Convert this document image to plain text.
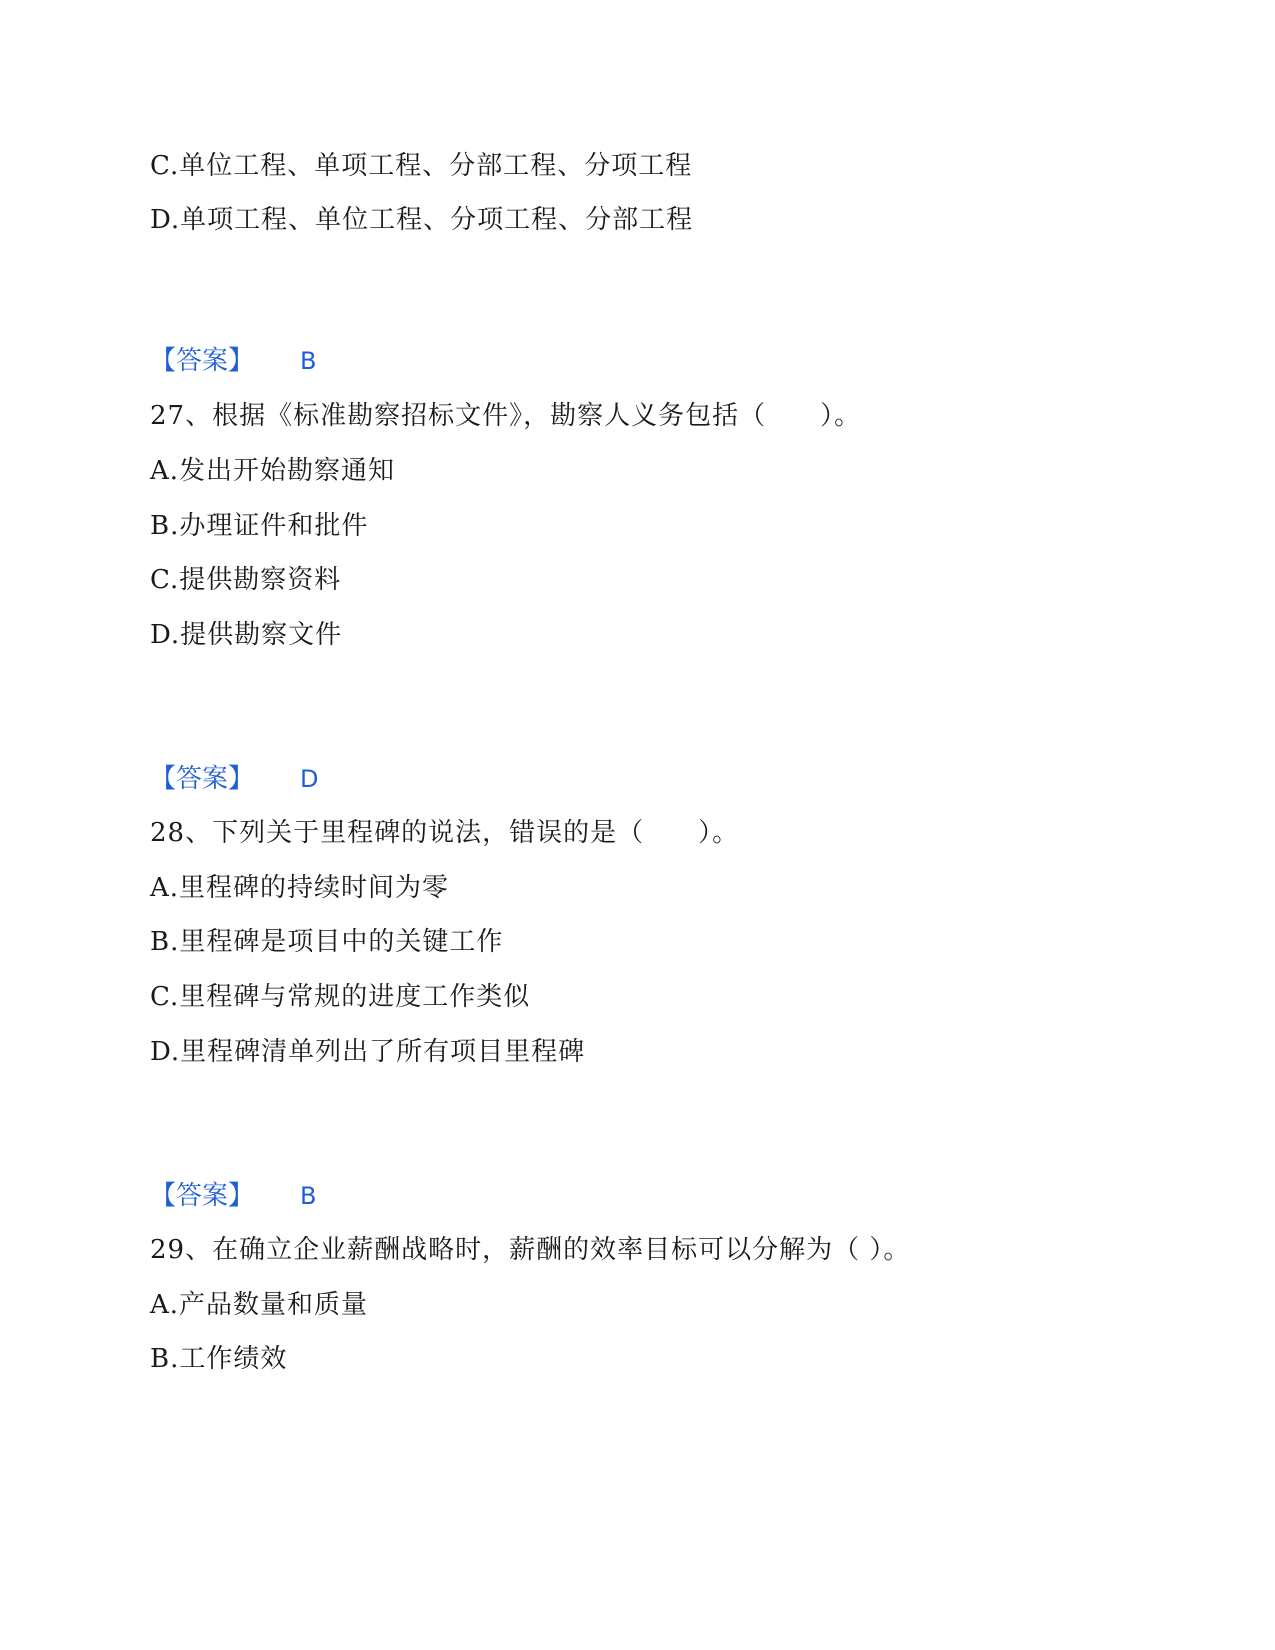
C.单位工程、单项工程、分部工程、分项工程
D.单项工程、单位工程、分项工程、分部工程
【答案】 B
27、根据《标准勘察招标文件》，勘察人义务包括（　　）。
A.发出开始勘察通知
B.办理证件和批件
C.提供勘察资料
D.提供勘察文件
【答案】 D
28、下列关于里程碑的说法，错误的是（　　）。
A.里程碑的持续时间为零
B.里程碑是项目中的关键工作
C.里程碑与常规的进度工作类似
D.里程碑清单列出了所有项目里程碑
【答案】 B
29、在确立企业薪酬战略时，薪酬的效率目标可以分解为（ ）。
A.产品数量和质量
B.工作绩效
